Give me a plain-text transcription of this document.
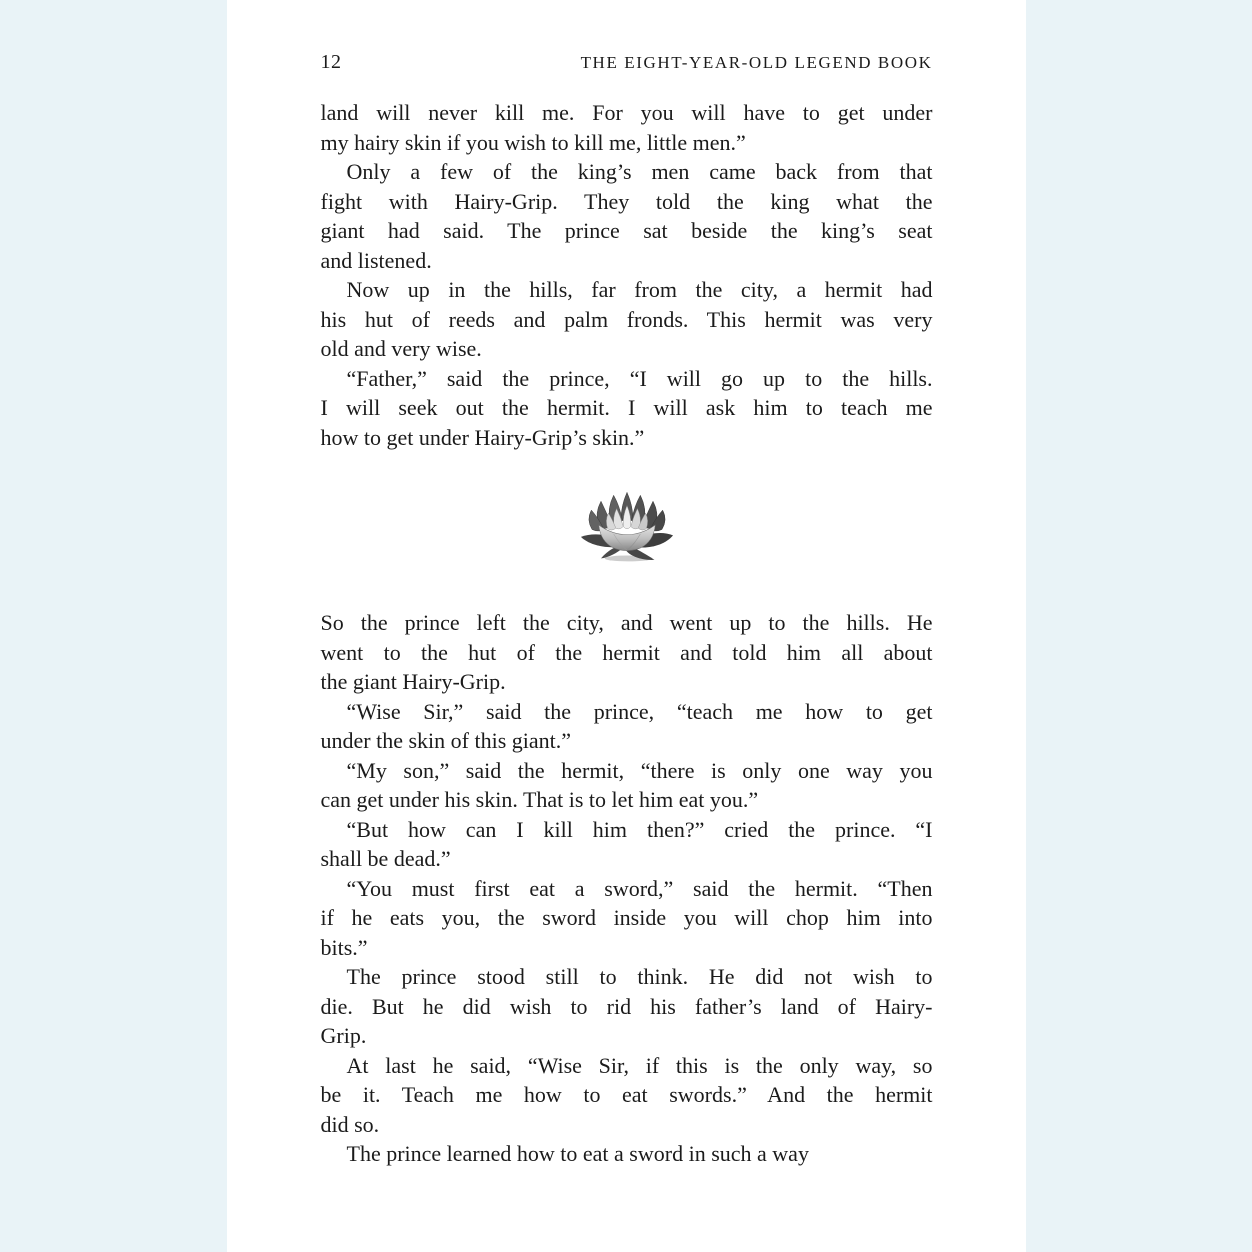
12	THE EIGHT-YEAR-OLD LEGEND BOOK
land will never kill me. For you will have to get under
my hairy skin if you wish to kill me, little men.”
Only a few of the king’s men came back from that
fight with Hairy-Grip. They told the king what the
giant had said. The prince sat beside the king’s seat
and listened.
Now up in the hills, far from the city, a hermit had
his hut of reeds and palm fronds. This hermit was very
old and very wise.
“Father,” said the prince, “I will go up to the hills.
I will seek out the hermit. I will ask him to teach me
how to get under Hairy-Grip’s skin.”
So the prince left the city, and went up to the hills. He
went to the hut of the hermit and told him all about
the giant Hairy-Grip.
“Wise Sir,” said the prince, “teach me how to get
under the skin of this giant.”
“My son,” said the hermit, “there is only one way you
can get under his skin. That is to let him eat you.”
“But how can I kill him then?” cried the prince. “I
shall be dead.”
“You must first eat a sword,” said the hermit. “Then
if he eats you, the sword inside you will chop him into
bits.”
The prince stood still to think. He did not wish to
die. But he did wish to rid his father’s land of Hairy-
Grip.
At last he said, “Wise Sir, if this is the only way, so
be it. Teach me how to eat swords.” And the hermit
did so.
The prince learned how to eat a sword in such a way
